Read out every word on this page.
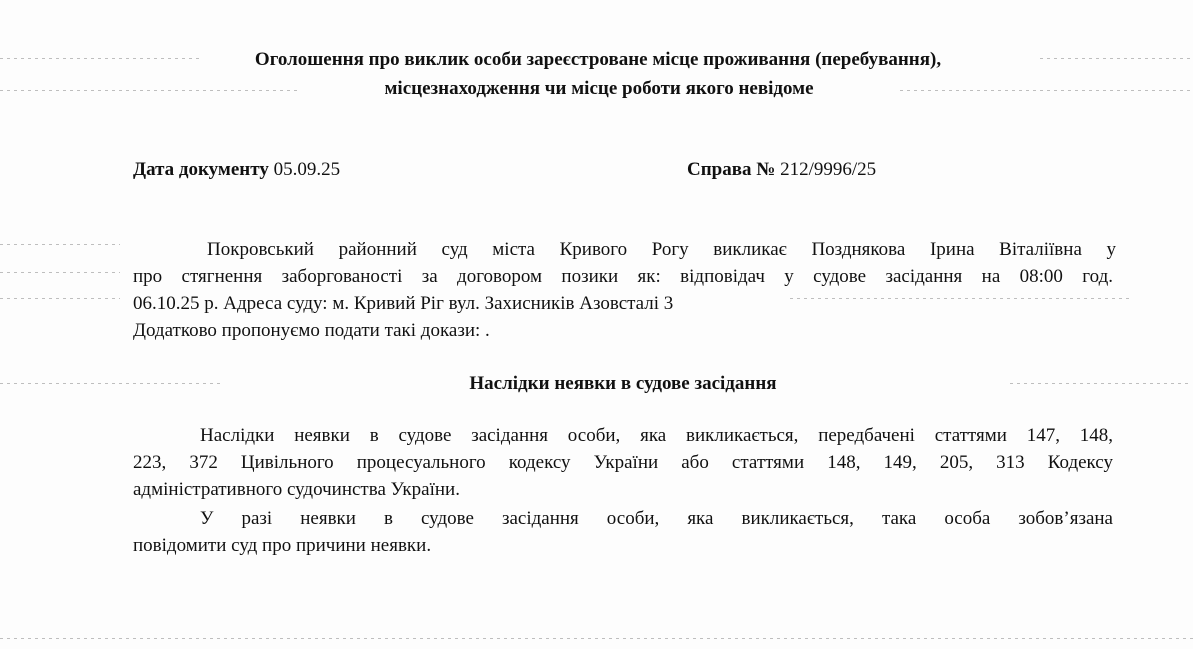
Оголошення про виклик особи зареєстроване місце проживання (перебування),
місцезнаходження чи місце роботи якого невідоме
Дата документу 05.09.25	Справа № 212/9996/25
Покровський районний суд міста Кривого Рогу викликає Позднякова Ірина Віталіївна у
про стягнення заборгованості за договором позики як: відповідач у судове засідання на 08:00 год.
06.10.25 р. Адреса суду: м. Кривий Ріг вул. Захисників Азовсталі 3
Додатково пропонуємо подати такі докази: .
Наслідки неявки в судове засідання
Наслідки неявки в судове засідання особи, яка викликається, передбачені статтями 147, 148,
223, 372 Цивільного процесуального кодексу України або статтями 148, 149, 205, 313 Кодексу
адміністративного судочинства України.
У разі неявки в судове засідання особи, яка викликається, така особа зобов’язана
повідомити суд про причини неявки.
